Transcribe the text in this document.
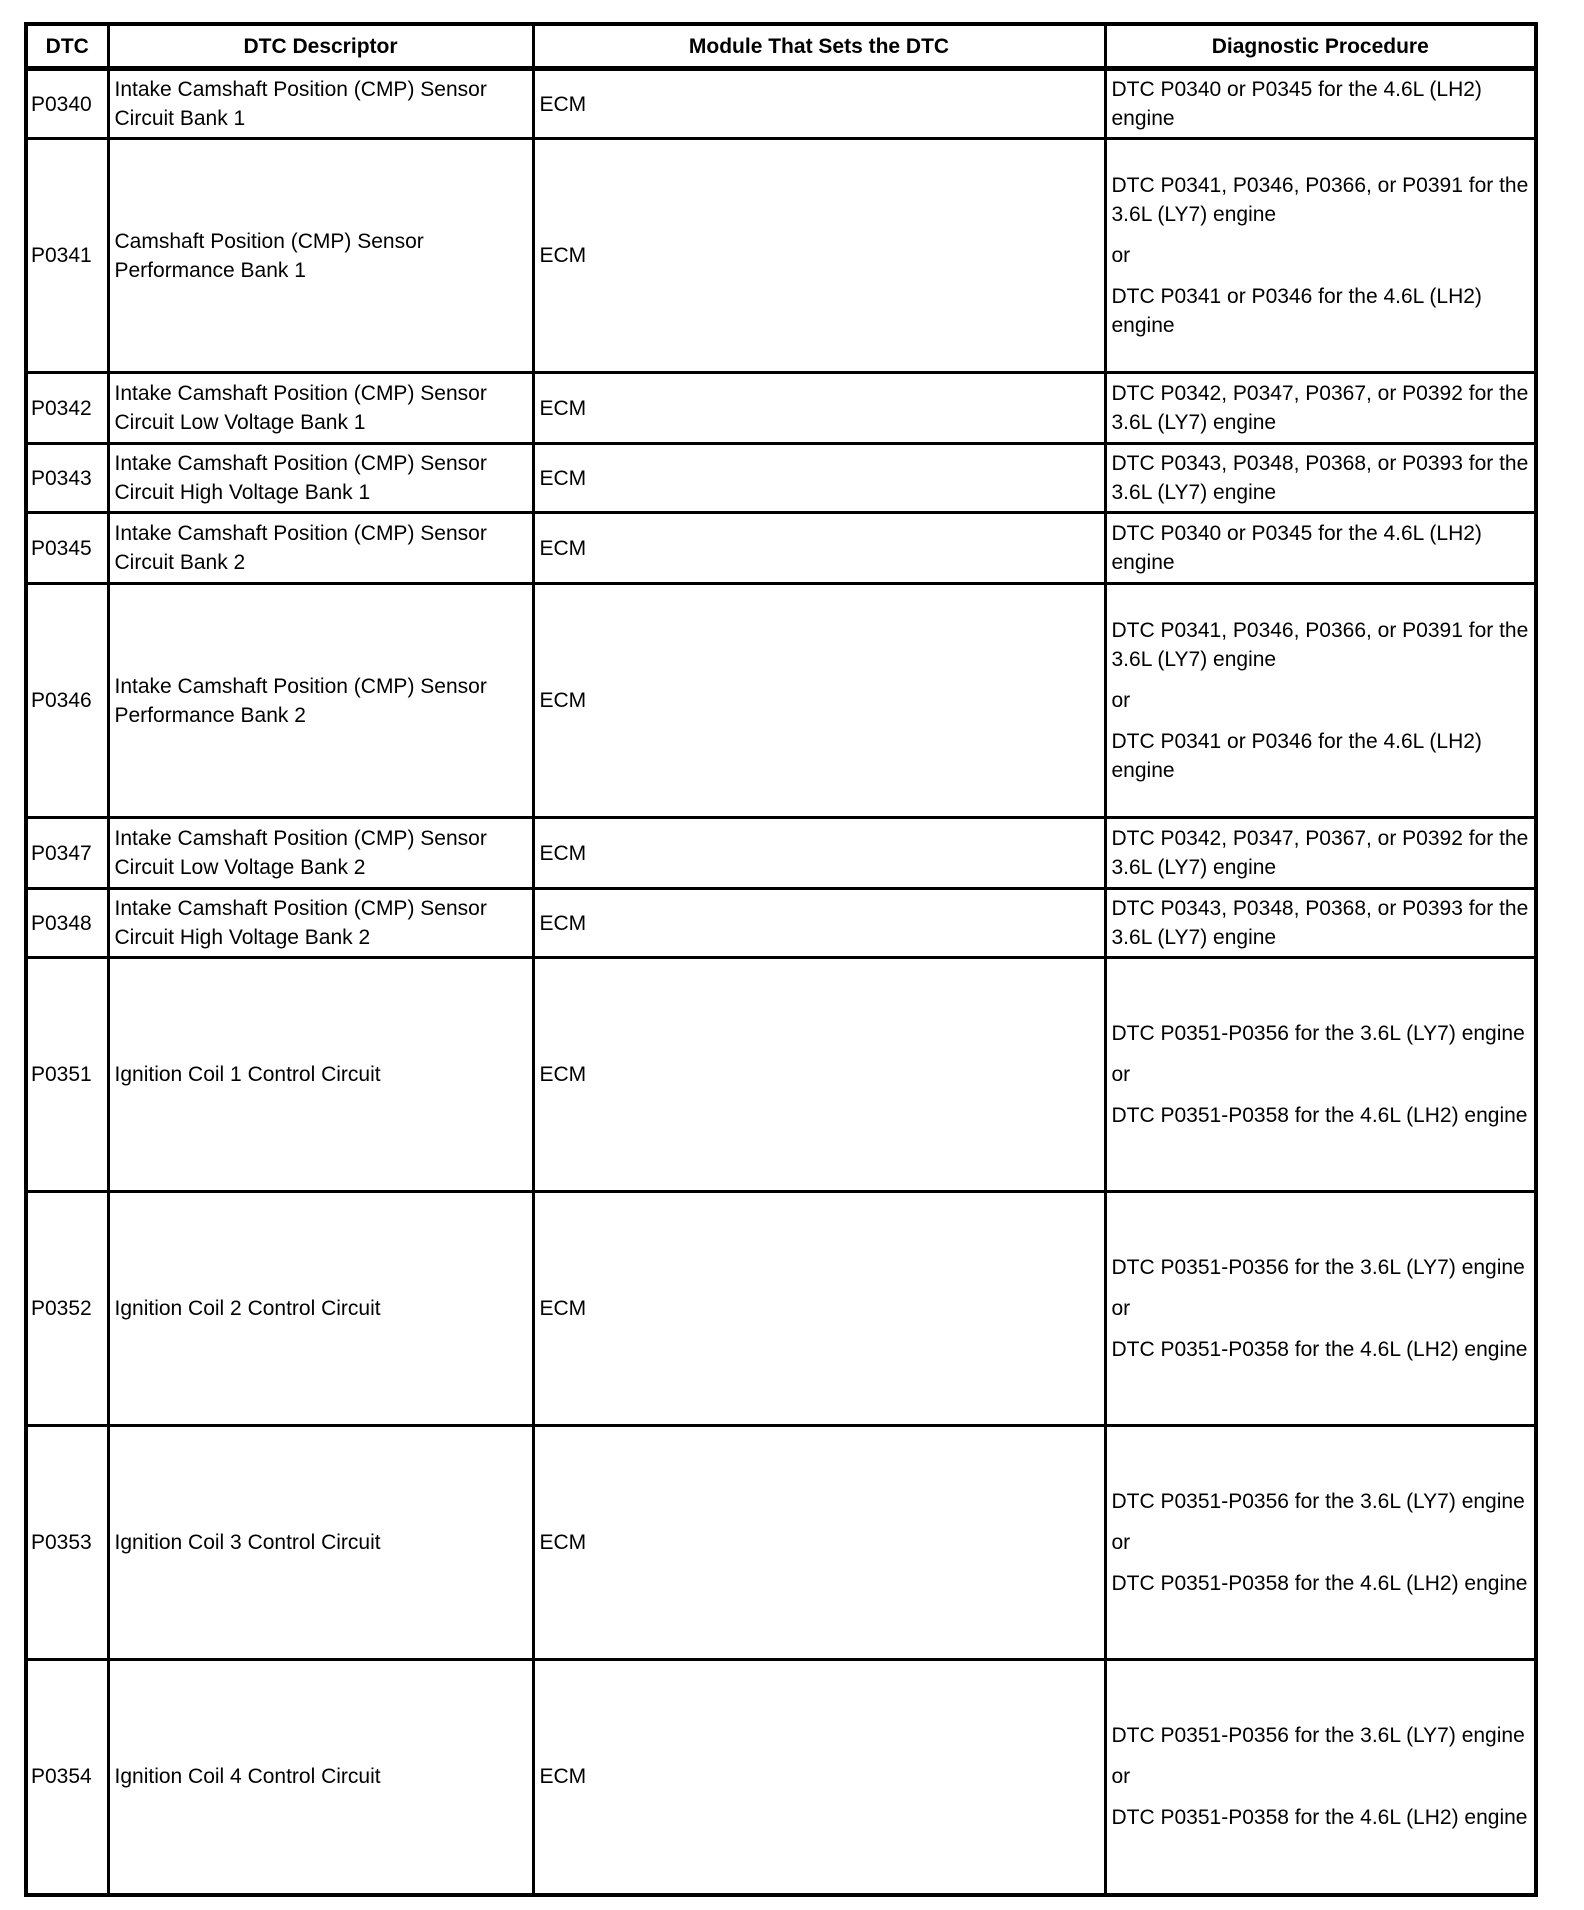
DTC	DTC Descriptor	Module That Sets the DTC	Diagnostic Procedure
P0340	Intake Camshaft Position (CMP) Sensor Circuit Bank 1	ECM	DTC P0340 or P0345 for the 4.6L (LH2) engine

P0341	Camshaft Position (CMP) Sensor Performance Bank 1	ECM	DTC P0341, P0346, P0366, or P0391 for the 3.6L (LY7) engine

or

DTC P0341 or P0346 for the 4.6L (LH2) engine

P0342	Intake Camshaft Position (CMP) Sensor Circuit Low Voltage Bank 1	ECM	DTC P0342, P0347, P0367, or P0392 for the 3.6L (LY7) engine

P0343	Intake Camshaft Position (CMP) Sensor Circuit High Voltage Bank 1	ECM	DTC P0343, P0348, P0368, or P0393 for the 3.6L (LY7) engine

P0345	Intake Camshaft Position (CMP) Sensor Circuit Bank 2	ECM	DTC P0340 or P0345 for the 4.6L (LH2) engine

P0346	Intake Camshaft Position (CMP) Sensor Performance Bank 2	ECM	DTC P0341, P0346, P0366, or P0391 for the 3.6L (LY7) engine

or

DTC P0341 or P0346 for the 4.6L (LH2) engine

P0347	Intake Camshaft Position (CMP) Sensor Circuit Low Voltage Bank 2	ECM	DTC P0342, P0347, P0367, or P0392 for the 3.6L (LY7) engine

P0348	Intake Camshaft Position (CMP) Sensor Circuit High Voltage Bank 2	ECM	DTC P0343, P0348, P0368, or P0393 for the 3.6L (LY7) engine

P0351	Ignition Coil 1 Control Circuit	ECM	DTC P0351-P0356 for the 3.6L (LY7) engine

or

DTC P0351-P0358 for the 4.6L (LH2) engine

P0352	Ignition Coil 2 Control Circuit	ECM	DTC P0351-P0356 for the 3.6L (LY7) engine

or

DTC P0351-P0358 for the 4.6L (LH2) engine

P0353	Ignition Coil 3 Control Circuit	ECM	DTC P0351-P0356 for the 3.6L (LY7) engine

or

DTC P0351-P0358 for the 4.6L (LH2) engine

P0354	Ignition Coil 4 Control Circuit	ECM	DTC P0351-P0356 for the 3.6L (LY7) engine

or

DTC P0351-P0358 for the 4.6L (LH2) engine
